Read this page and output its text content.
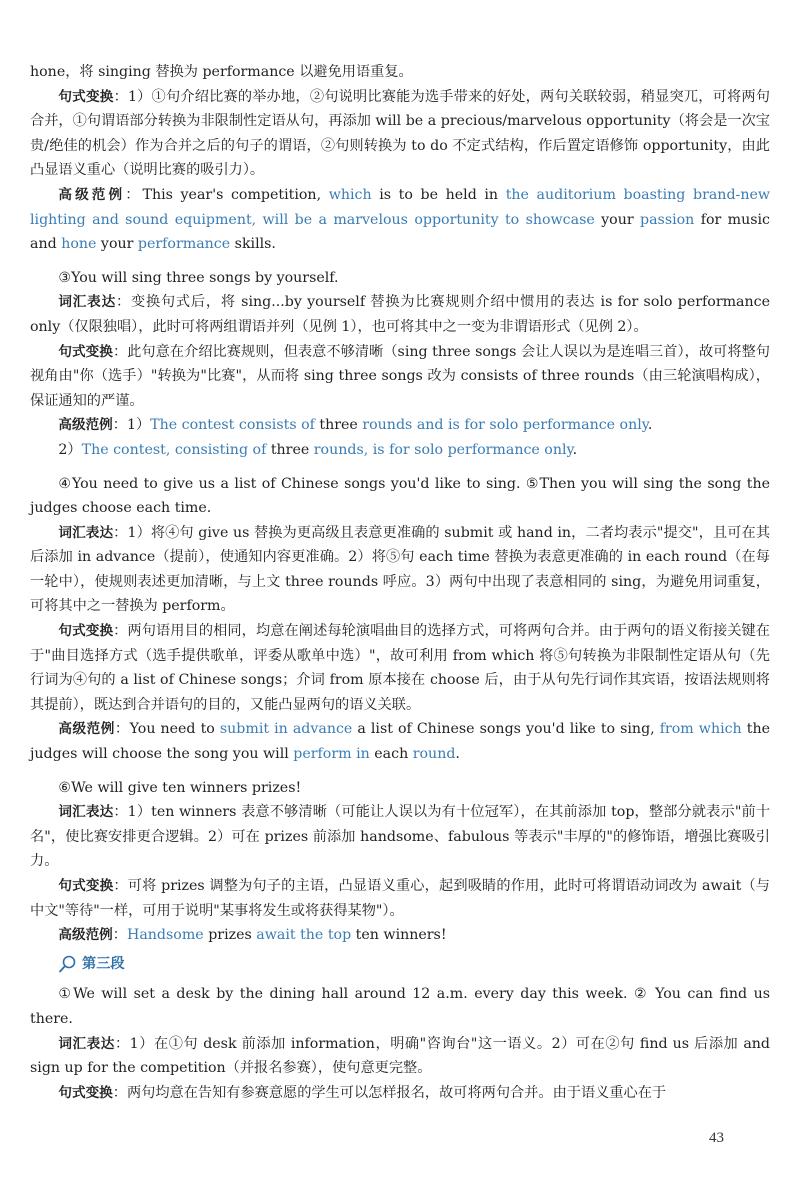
hone，将 singing 替换为 performance 以避免用语重复。

句式变换：1）①句介绍比赛的举办地，②句说明比赛能为选手带来的好处，两句关联较弱，稍显突兀，可将两句合并，①句谓语部分转换为非限制性定语从句，再添加 will be a precious/marvelous opportunity（将会是一次宝贵/绝佳的机会）作为合并之后的句子的谓语，②句则转换为 to do 不定式结构，作后置定语修饰 opportunity，由此凸显语义重心（说明比赛的吸引力）。

高级范例：This year's competition, which is to be held in the auditorium boasting brand-new lighting and sound equipment, will be a marvelous opportunity to showcase your passion for music and hone your performance skills.

③You will sing three songs by yourself.

词汇表达：变换句式后，将 sing...by yourself 替换为比赛规则介绍中惯用的表达 is for solo performance only（仅限独唱），此时可将两组谓语并列（见例 1），也可将其中之一变为非谓语形式（见例 2）。

句式变换：此句意在介绍比赛规则，但表意不够清晰（sing three songs 会让人误以为是连唱三首），故可将整句视角由"你（选手）"转换为"比赛"，从而将 sing three songs 改为 consists of three rounds（由三轮演唱构成），保证通知的严谨。

高级范例：1）The contest consists of three rounds and is for solo performance only.

2）The contest, consisting of three rounds, is for solo performance only.

④You need to give us a list of Chinese songs you'd like to sing. ⑤Then you will sing the song the judges choose each time.

词汇表达：1）将④句 give us 替换为更高级且表意更准确的 submit 或 hand in，二者均表示"提交"，且可在其后添加 in advance（提前），使通知内容更准确。2）将⑤句 each time 替换为表意更准确的 in each round（在每一轮中），使规则表述更加清晰，与上文 three rounds 呼应。3）两句中出现了表意相同的 sing，为避免用词重复，可将其中之一替换为 perform。

句式变换：两句语用目的相同，均意在阐述每轮演唱曲目的选择方式，可将两句合并。由于两句的语义衔接关键在于"曲目选择方式（选手提供歌单，评委从歌单中选）"，故可利用 from which 将⑤句转换为非限制性定语从句（先行词为④句的 a list of Chinese songs；介词 from 原本接在 choose 后，由于从句先行词作其宾语，按语法规则将其提前），既达到合并语句的目的，又能凸显两句的语义关联。

高级范例：You need to submit in advance a list of Chinese songs you'd like to sing, from which the judges will choose the song you will perform in each round.

⑥We will give ten winners prizes!

词汇表达：1）ten winners 表意不够清晰（可能让人误以为有十位冠军），在其前添加 top，整部分就表示"前十名"，使比赛安排更合逻辑。2）可在 prizes 前添加 handsome、fabulous 等表示"丰厚的"的修饰语，增强比赛吸引力。

句式变换：可将 prizes 调整为句子的主语，凸显语义重心，起到吸睛的作用，此时可将谓语动词改为 await（与中文"等待"一样，可用于说明"某事将发生或将获得某物"）。

高级范例：Handsome prizes await the top ten winners!

第三段

①We will set a desk by the dining hall around 12 a.m. every day this week. ② You can find us there.

词汇表达：1）在①句 desk 前添加 information，明确"咨询台"这一语义。2）可在②句 find us 后添加 and sign up for the competition（并报名参赛），使句意更完整。

句式变换：两句均意在告知有参赛意愿的学生可以怎样报名，故可将两句合并。由于语义重心在于

43
